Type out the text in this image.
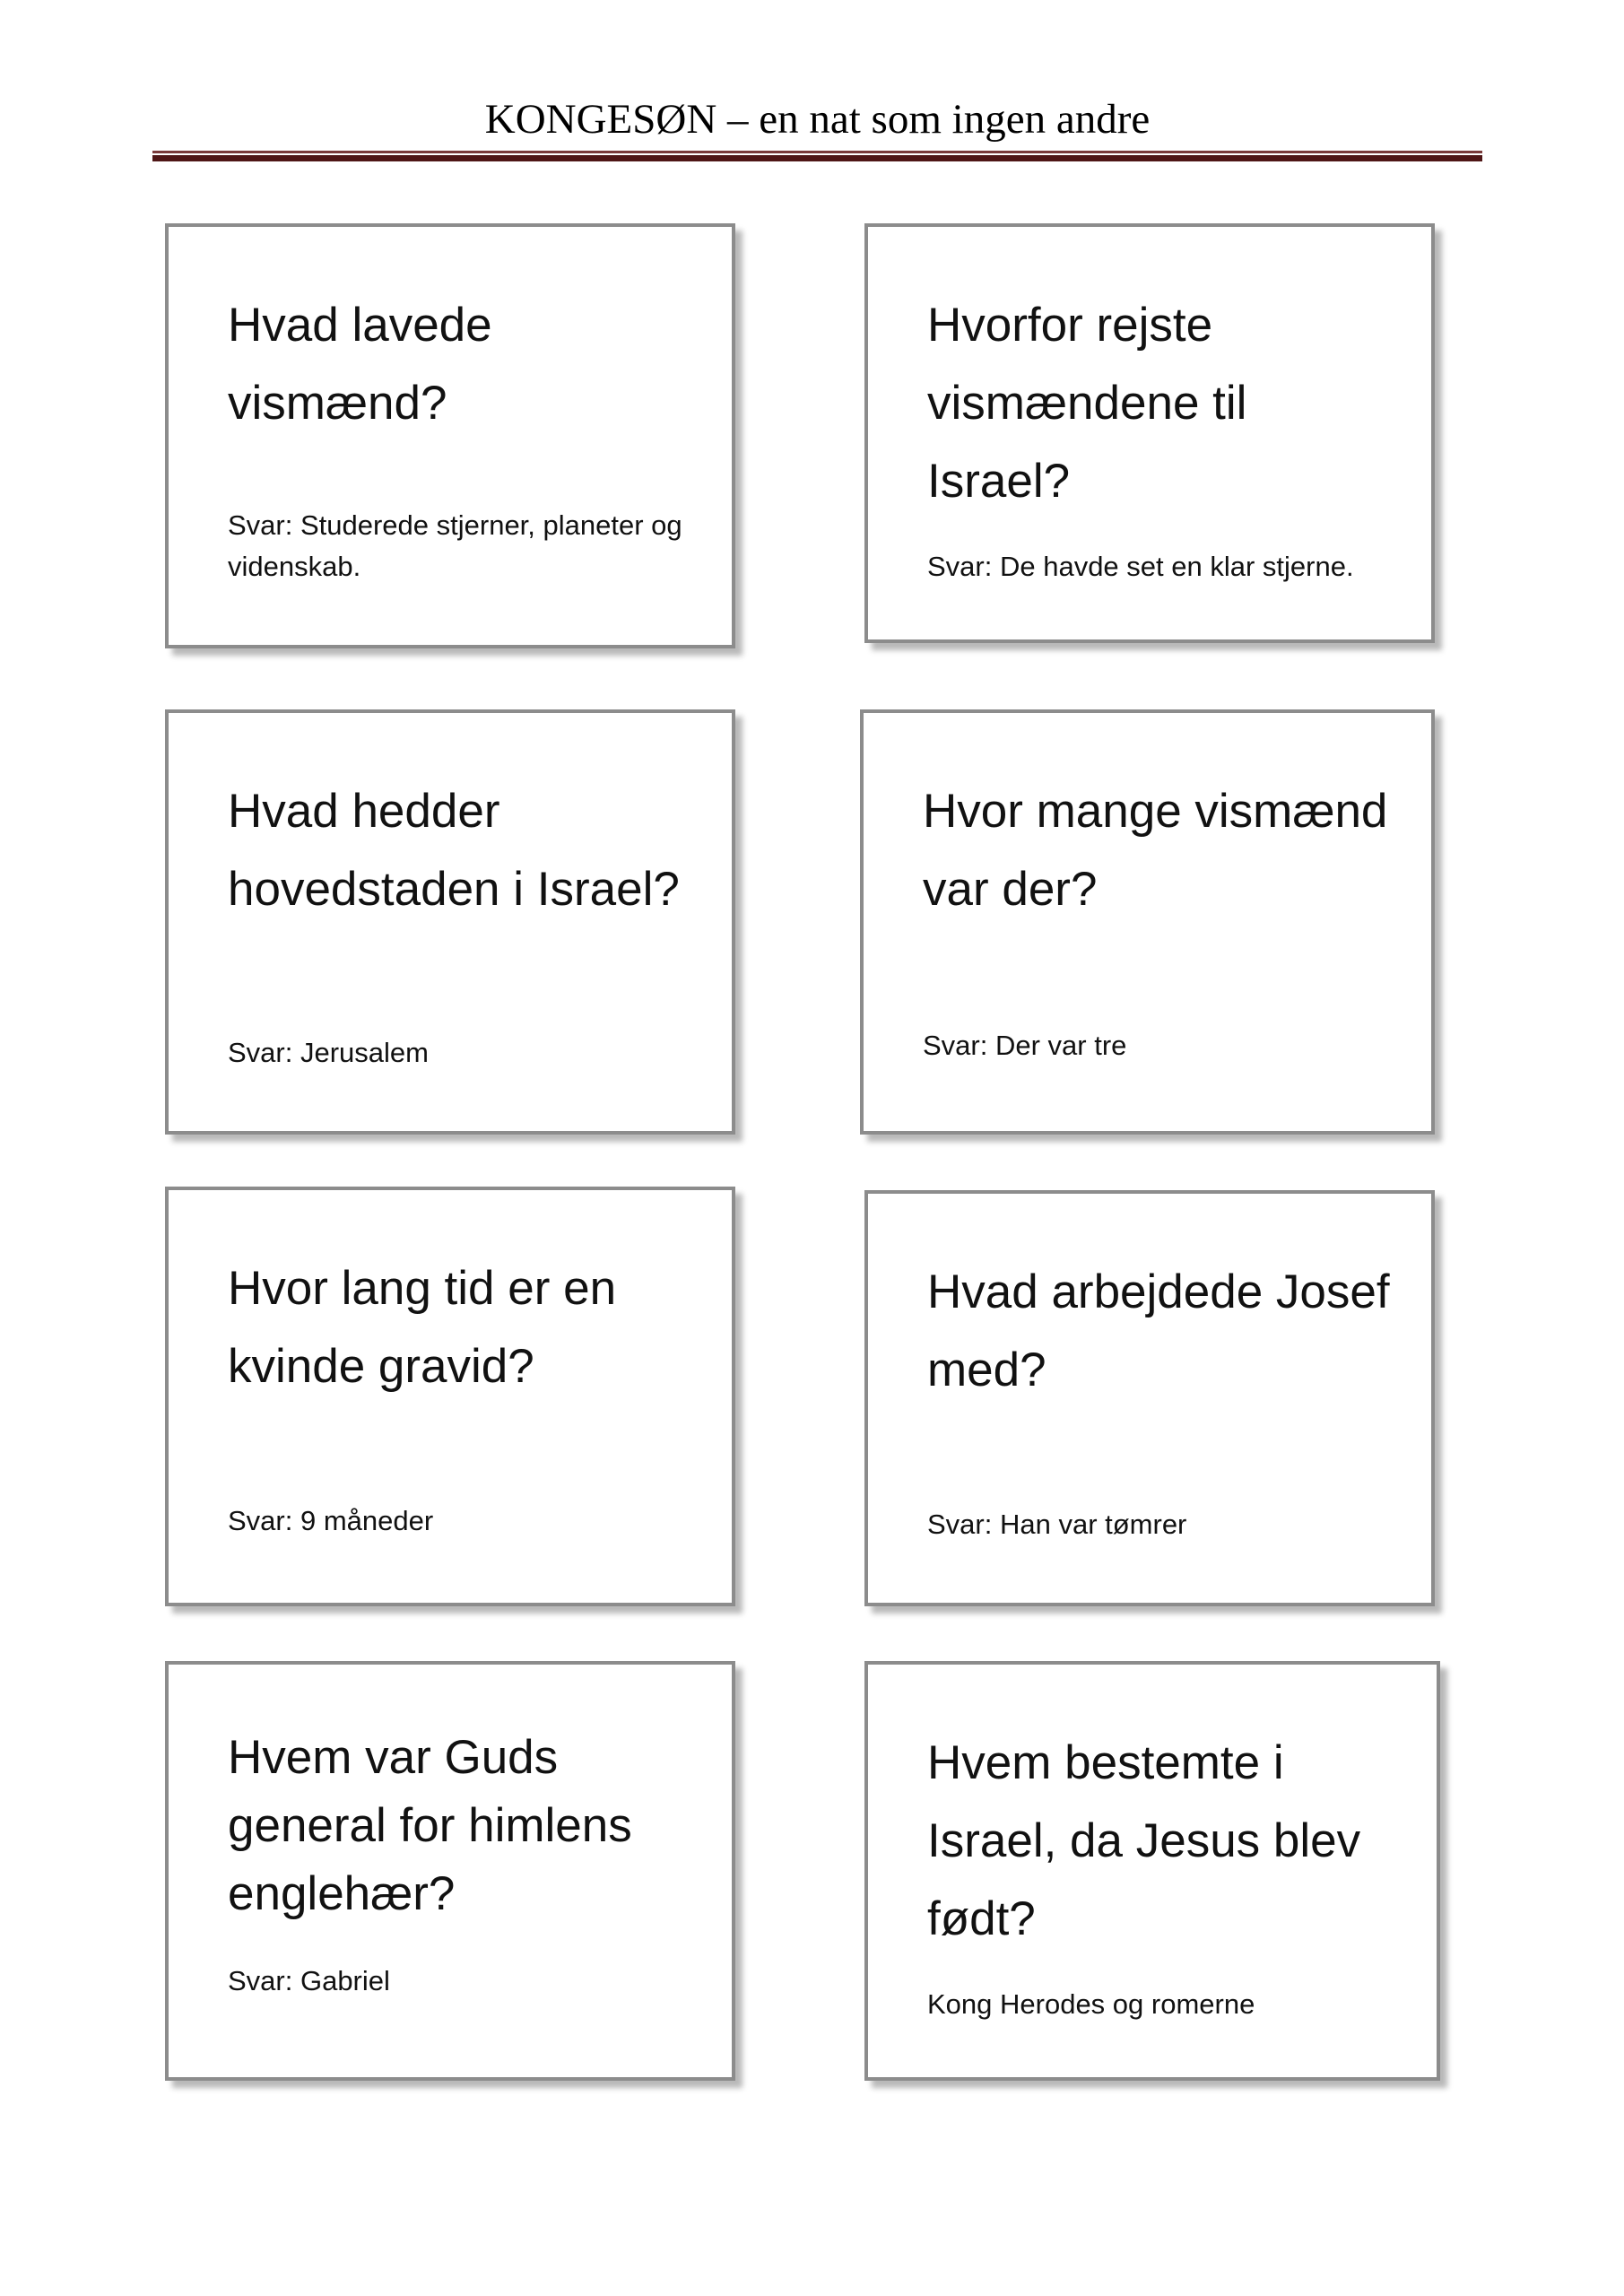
KONGESØN – en nat som ingen andre

Hvad lavede vismænd?

Svar: Studerede stjerner, planeter og videnskab.

Hvorfor rejste vismændene til Israel?

Svar: De havde set en klar stjerne.

Hvad hedder hovedstaden i Israel?

Svar: Jerusalem

Hvor mange vismænd var der?

Svar: Der var tre

Hvor lang tid er en kvinde gravid?

Svar: 9 måneder

Hvad arbejdede Josef med?

Svar: Han var tømrer

Hvem var Guds general for himlens englehær?

Svar: Gabriel

Hvem bestemte i Israel, da Jesus blev født?

Kong Herodes og romerne
